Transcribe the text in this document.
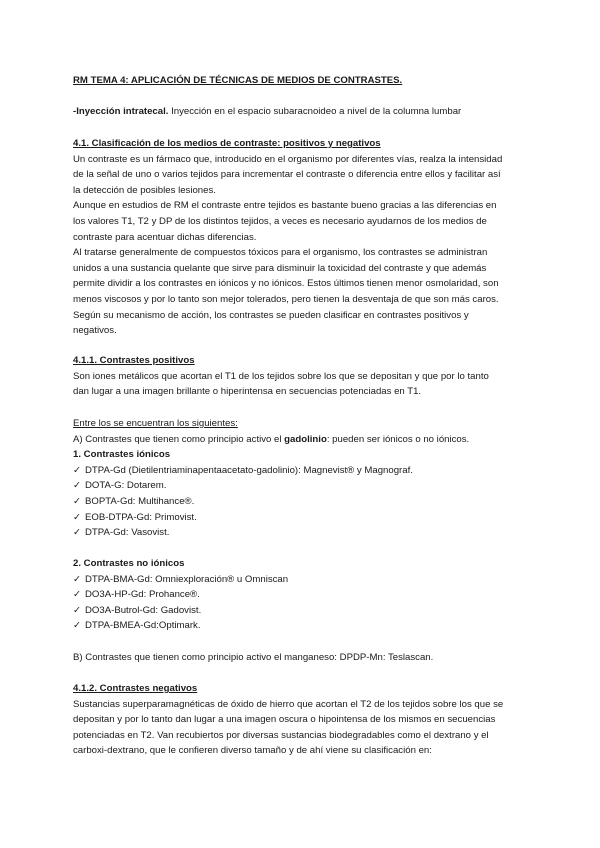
RM TEMA 4: APLICACIÓN DE TÉCNICAS DE MEDIOS DE CONTRASTES.
-Inyección intratecal. Inyección en el espacio subaracnoideo a nivel de la columna lumbar
4.1. Clasificación de los medios de contraste: positivos y negativos
Un contraste es un fármaco que, introducido en el organismo por diferentes vías, realza la intensidad
de la señal de uno o varios tejidos para incrementar el contraste o diferencia entre ellos y facilitar así
la detección de posibles lesiones.
Aunque en estudios de RM el contraste entre tejidos es bastante bueno gracias a las diferencias en
los valores T1, T2 y DP de los distintos tejidos, a veces es necesario ayudarnos de los medios de
contraste para acentuar dichas diferencias.
Al tratarse generalmente de compuestos tóxicos para el organismo, los contrastes se administran
unidos a una sustancia quelante que sirve para disminuir la toxicidad del contraste y que además
permite dividir a los contrastes en iónicos y no iónicos. Estos últimos tienen menor osmolaridad, son
menos viscosos y por lo tanto son mejor tolerados, pero tienen la desventaja de que son más caros.
Según su mecanismo de acción, los contrastes se pueden clasificar en contrastes positivos y
negativos.
4.1.1. Contrastes positivos
Son iones metálicos que acortan el T1 de los tejidos sobre los que se depositan y que por lo tanto
dan lugar a una imagen brillante o hiperintensa en secuencias potenciadas en T1.
Entre los se encuentran los siguientes:
A) Contrastes que tienen como principio activo el gadolinio: pueden ser iónicos o no iónicos.
1. Contrastes iónicos
✓ DTPA-Gd (Dietilentriaminapentaacetato-gadolinio): Magnevist® y Magnograf.
✓ DOTA-G: Dotarem.
✓ BOPTA-Gd: Multihance®.
✓ EOB-DTPA-Gd: Primovist.
✓ DTPA-Gd: Vasovist.
2. Contrastes no iónicos
✓ DTPA-BMA-Gd: Omniexploración® u Omniscan
✓ DO3A-HP-Gd: Prohance®.
✓ DO3A-Butrol-Gd: Gadovist.
✓ DTPA-BMEA-Gd:Optimark.
B) Contrastes que tienen como principio activo el manganeso: DPDP-Mn: Teslascan.
4.1.2. Contrastes negativos
Sustancias superparamagnéticas de óxido de hierro que acortan el T2 de los tejidos sobre los que se
depositan y por lo tanto dan lugar a una imagen oscura o hipointensa de los mismos en secuencias
potenciadas en T2. Van recubiertos por diversas sustancias biodegradables como el dextrano y el
carboxi-dextrano, que le confieren diverso tamaño y de ahí viene su clasificación en:
